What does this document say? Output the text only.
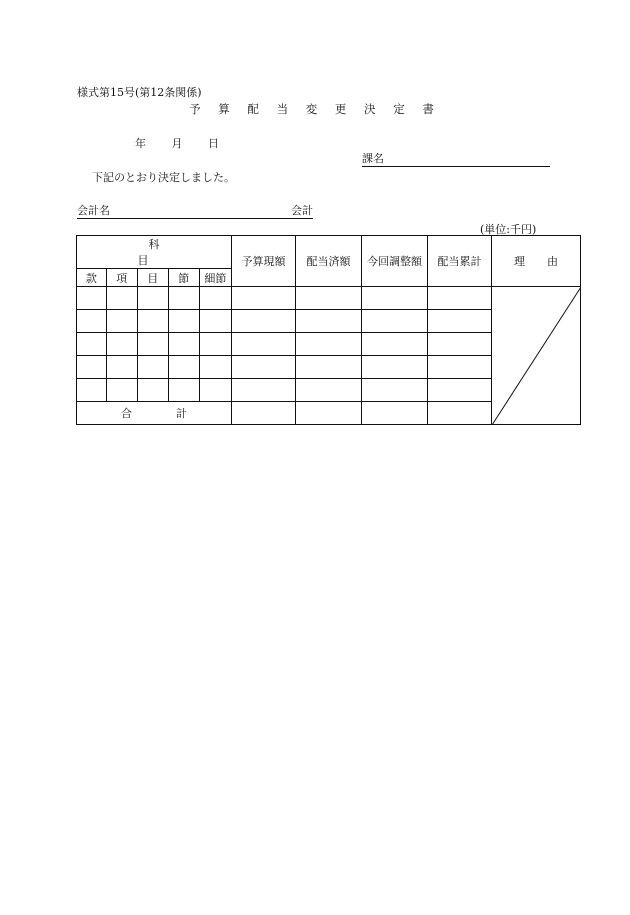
様式第15号(第12条関係)
予 算 配 当 変 更 決 定 書
年 月 日
課名
下記のとおり決定しました。
会計名	会計
(単位:千円)
科　　　目					予算現額	配当済額	今回調整額	配当累計	理　　由
款	項	目	節	細節					

合　　　　計									
